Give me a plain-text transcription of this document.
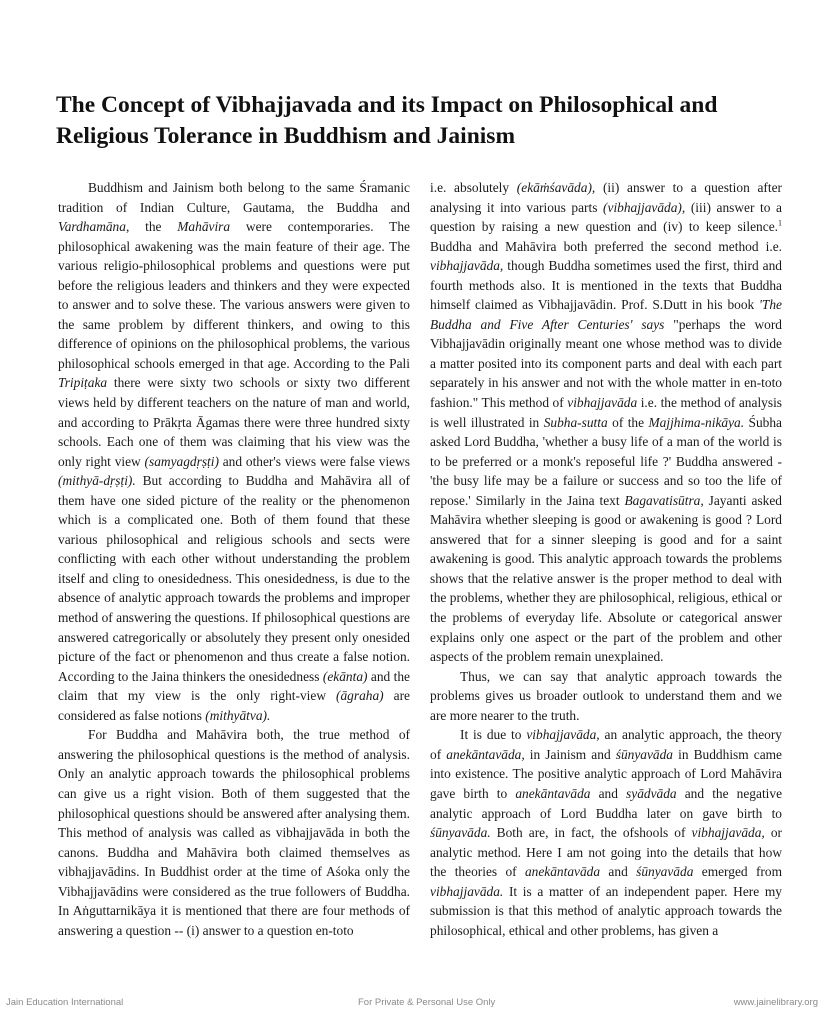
The Concept of Vibhajjavada and its Impact on Philosophical and Religious Tolerance in Buddhism and Jainism

Buddhism and Jainism both belong to the same Śramanic tradition of Indian Culture, Gautama, the Buddha and Vardhamāna, the Mahāvira were contemporaries. The philosophical awakening was the main feature of their age. The various religio-philosophical problems and questions were put before the religious leaders and thinkers and they were expected to answer and to solve these. The various answers were given to the same problem by different thinkers, and owing to this difference of opinions on the philosophical problems, the various philosophical schools emerged in that age. According to the Pali Tripiṭaka there were sixty two schools or sixty two different views held by different teachers on the nature of man and world, and according to Prākṛta Āgamas there were three hundred sixty schools. Each one of them was claiming that his view was the only right view (samyagdṛṣṭi) and other's views were false views (mithyā-dṛṣṭi). But according to Buddha and Mahāvira all of them have one sided picture of the reality or the phenomenon which is a complicated one. Both of them found that these various philosophical and religious schools and sects were conflicting with each other without understanding the problem itself and cling to onesidedness. This onesidedness, is due to the absence of analytic approach towards the problems and improper method of answering the questions. If philosophical questions are answered catregorically or absolutely they present only onesided picture of the fact or phenomenon and thus create a false notion. According to the Jaina thinkers the onesidedness (ekānta) and the claim that my view is the only right-view (āgraha) are considered as false notions (mithyātva).

For Buddha and Mahāvira both, the true method of answering the philosophical questions is the method of analysis. Only an analytic approach towards the philosophical problems can give us a right vision. Both of them suggested that the philosophical questions should be answered after analysing them. This method of analysis was called as vibhajjavāda in both the canons. Buddha and Mahāvira both claimed themselves as vibhajjavādins. In Buddhist order at the time of Aśoka only the Vibhajjavādins were considered as the true followers of Buddha. In Aṅguttarnikāya it is mentioned that there are four methods of answering a question -- (i) answer to a question en-toto

i.e. absolutely (ekāṁśavāda), (ii) answer to a question after analysing it into various parts (vibhajjavāda), (iii) answer to a question by raising a new question and (iv) to keep silence.$^1$ Buddha and Mahāvira both preferred the second method i.e. vibhajjavāda, though Buddha sometimes used the first, third and fourth methods also. It is mentioned in the texts that Buddha himself claimed as Vibhajjavādin. Prof. S.Dutt in his book 'The Buddha and Five After Centuries' says "perhaps the word Vibhajjavādin originally meant one whose method was to divide a matter posited into its component parts and deal with each part separately in his answer and not with the whole matter in en-toto fashion." This method of vibhajjavāda i.e. the method of analysis is well illustrated in Subha-sutta of the Majjhima-nikāya. Śubha asked Lord Buddha, 'whether a busy life of a man of the world is to be preferred or a monk's reposeful life ?' Buddha answered - 'the busy life may be a failure or success and so too the life of repose.' Similarly in the Jaina text Bagavatisūtra, Jayanti asked Mahāvira whether sleeping is good or awakening is good ? Lord answered that for a sinner sleeping is good and for a saint awakening is good. This analytic approach towards the problems shows that the relative answer is the proper method to deal with the problems, whether they are philosophical, religious, ethical or the problems of everyday life. Absolute or categorical answer explains only one aspect or the part of the problem and other aspects of the problem remain unexplained.

Thus, we can say that analytic approach towards the problems gives us broader outlook to understand them and we are more nearer to the truth.

It is due to vibhajjavāda, an analytic approach, the theory of anekāntavāda, in Jainism and śūnyavāda in Buddhism came into existence. The positive analytic approach of Lord Mahāvira gave birth to anekāntavāda and syādvāda and the negative analytic approach of Lord Buddha later on gave birth to śūnyavāda. Both are, in fact, the ofshools of vibhajjavāda, or analytic method. Here I am not going into the details that how the theories of anekāntavāda and śūnyavāda emerged from vibhajjavāda. It is a matter of an independent paper. Here my submission is that this method of analytic approach towards the philosophical, ethical and other problems, has given a

Jain Education International	For Private & Personal Use Only	www.jainelibrary.org
